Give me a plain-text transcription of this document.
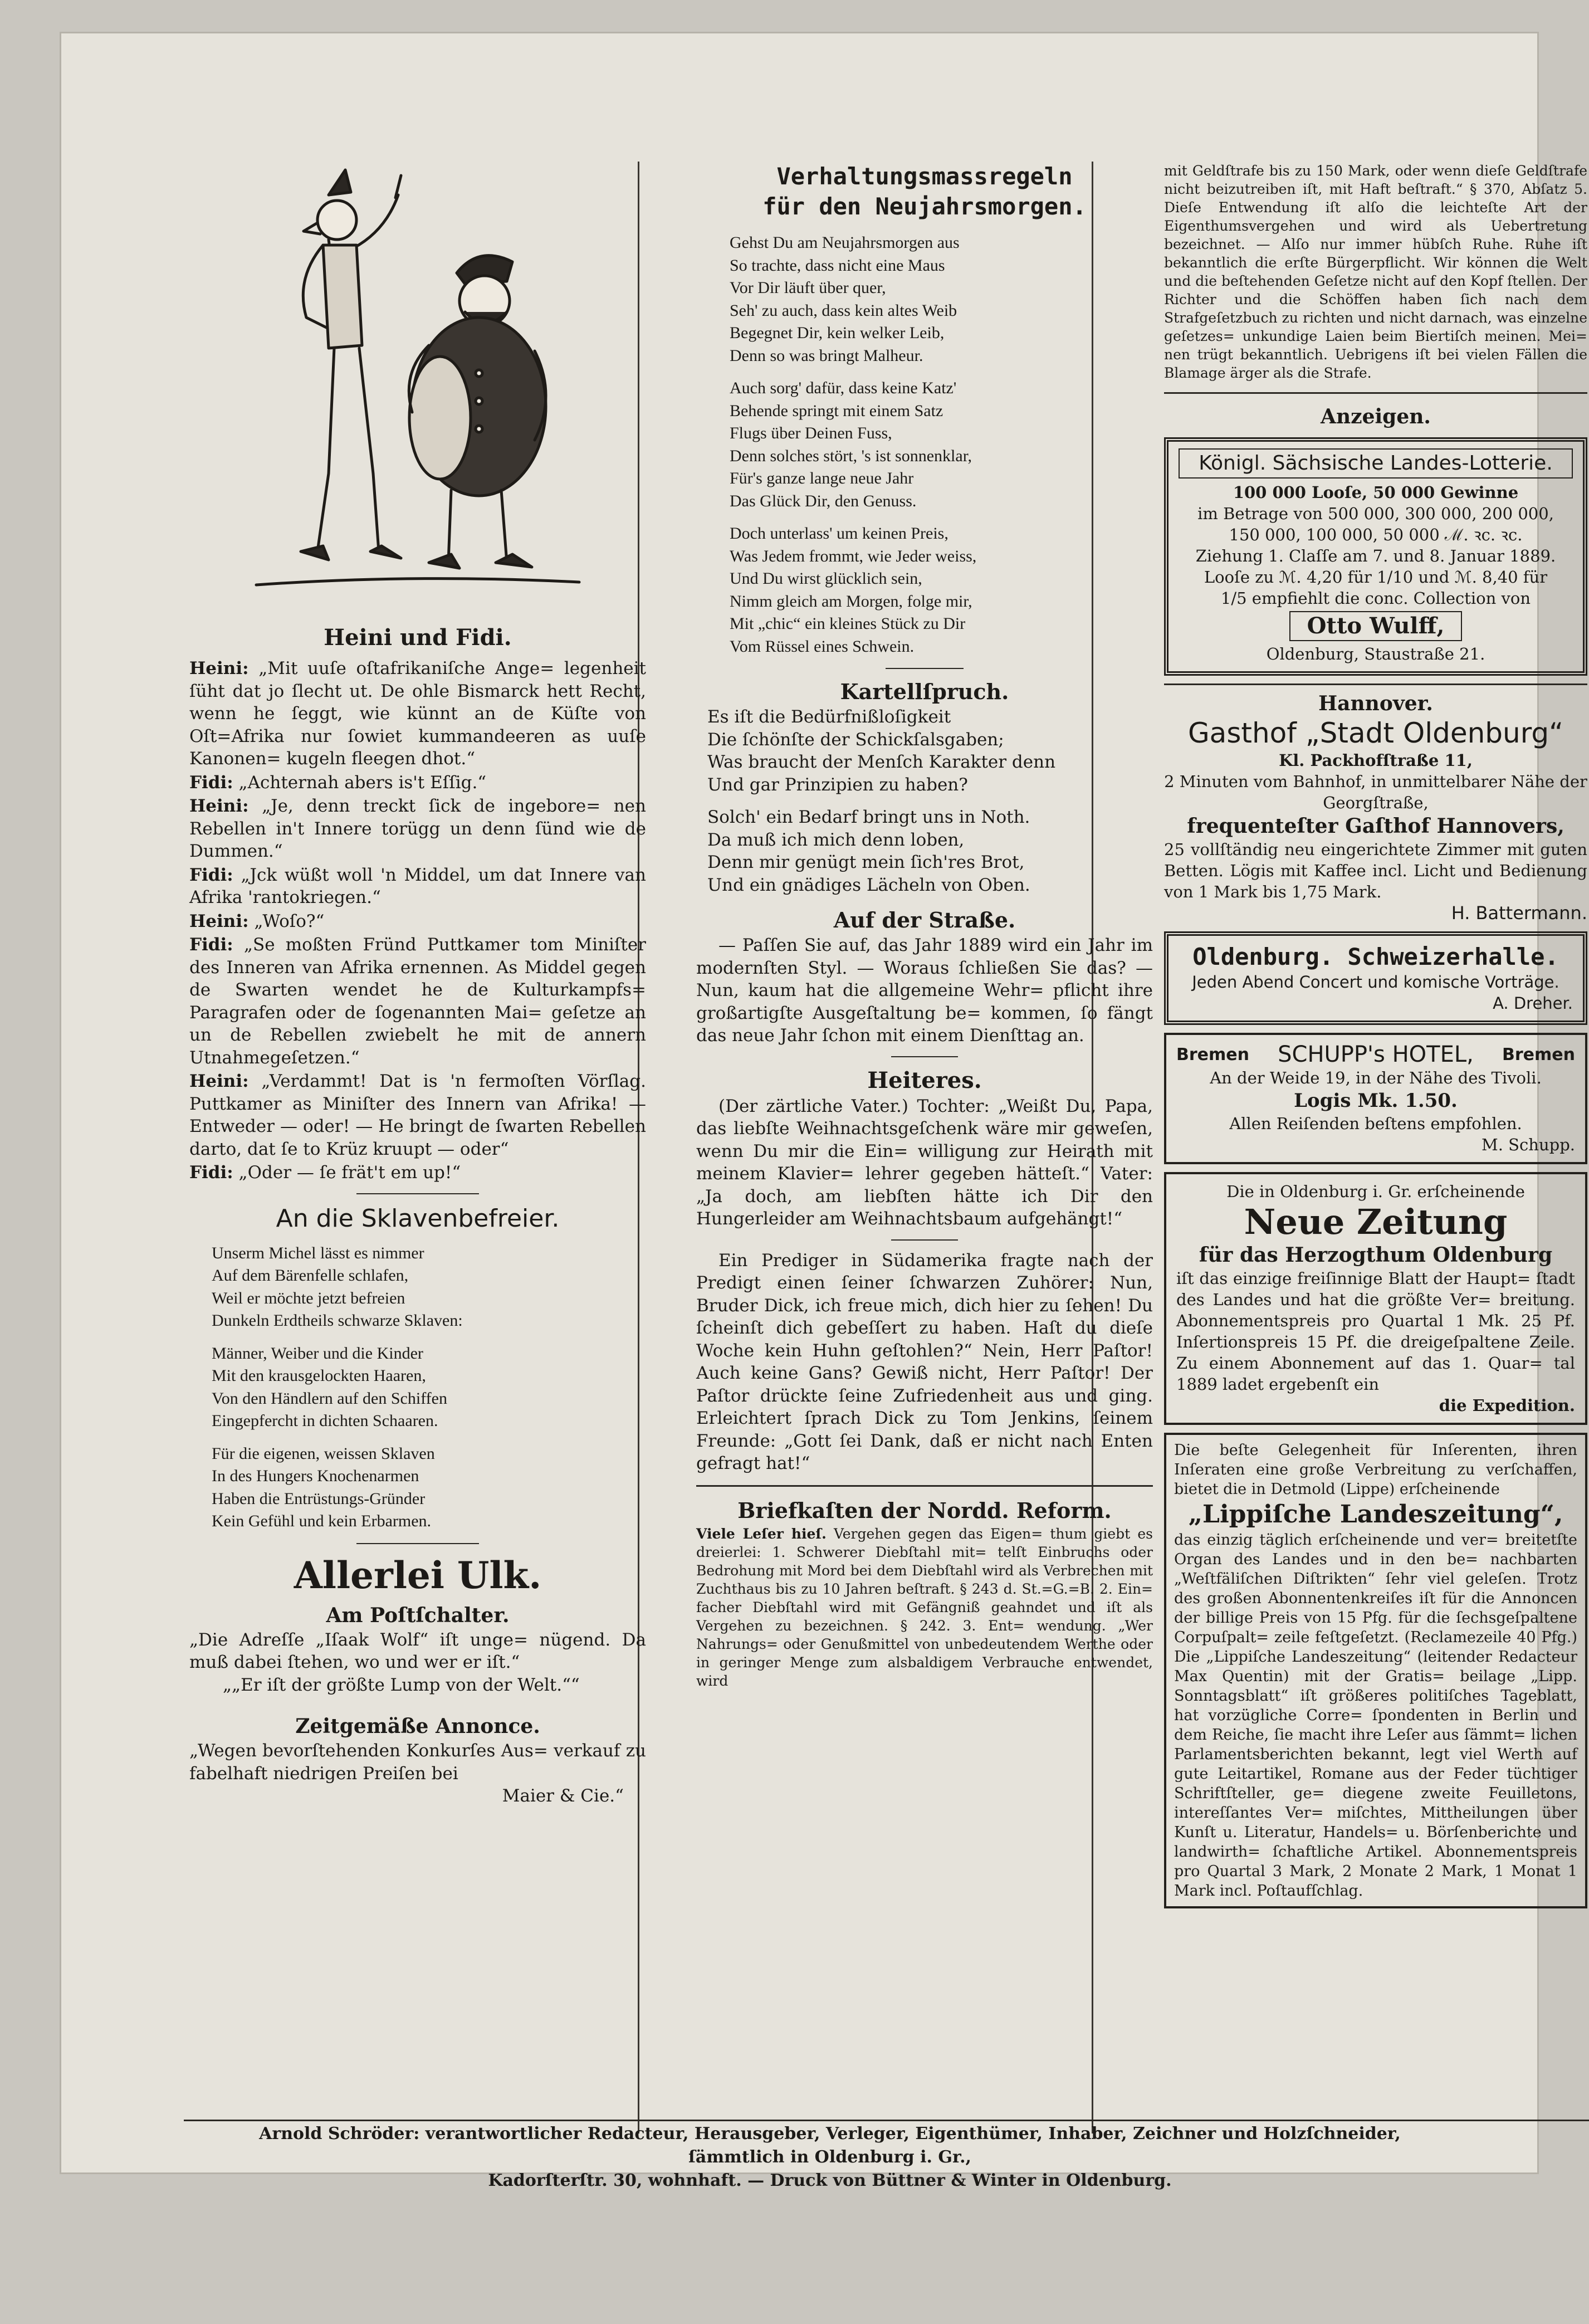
Heini und Fidi.

Heini: „Mit uuſe oſtafrikaniſche Ange= legenheit ſüht dat jo ſlecht ut. De ohle Bismarck hett Recht, wenn he ſeggt, wie künnt an de Küſte von Oſt=Afrika nur ſowiet kummandeeren as uuſe Kanonen= kugeln fleegen dhot.“

Fidi: „Achternah abers is't Eſſig.“

Heini: „Je, denn treckt ſick de ingebore= nen Rebellen in't Innere torügg un denn ſünd wie de Dummen.“

Fidi: „Jck wüßt woll 'n Middel, um dat Innere van Afrika 'rantokriegen.“

Heini: „Woſo?“

Fidi: „Se moßten Fründ Puttkamer tom Miniſter des Inneren van Afrika ernennen. As Middel gegen de Swarten wendet he de Kulturkampfs= Paragrafen oder de ſogenannten Mai= geſetze an un de Rebellen zwiebelt he mit de annern Utnahmegeſetzen.“

Heini: „Verdammt! Dat is 'n fermoſten Vörſlag. Puttkamer as Miniſter des Innern van Afrika! — Entweder — oder! — He bringt de ſwarten Rebellen darto, dat ſe to Krüz kruupt — oder“

Fidi: „Oder — ſe frät't em up!“

An die Sklavenbefreier.
Unserm Michel lässt es nimmer
Auf dem Bärenfelle schlafen,
Weil er möchte jetzt befreien
Dunkeln Erdtheils schwarze Sklaven:
Männer, Weiber und die Kinder
Mit den krausgelockten Haaren,
Von den Händlern auf den Schiffen
Eingepfercht in dichten Schaaren.
Für die eigenen, weissen Sklaven
In des Hungers Knochenarmen
Haben die Entrüstungs-Gründer
Kein Gefühl und kein Erbarmen.
Allerlei Ulk.
Am Poſtſchalter.

„Die Adreſſe „Iſaak Wolf“ iſt unge= nügend. Da muß dabei ſtehen, wo und wer er iſt.“

„„Er iſt der größte Lump von der Welt.““

Zeitgemäße Annonce.

„Wegen bevorſtehenden Konkurſes Aus= verkauf zu fabelhaft niedrigen Preiſen bei

Maier & Cie.“

Verhaltungsmassregeln
für den Neujahrsmorgen.
Gehst Du am Neujahrsmorgen aus
So trachte, dass nicht eine Maus
Vor Dir läuft über quer,
Seh' zu auch, dass kein altes Weib
Begegnet Dir, kein welker Leib,
Denn so was bringt Malheur.
Auch sorg' dafür, dass keine Katz'
Behende springt mit einem Satz
Flugs über Deinen Fuss,
Denn solches stört, 's ist sonnenklar,
Für's ganze lange neue Jahr
Das Glück Dir, den Genuss.
Doch unterlass' um keinen Preis,
Was Jedem frommt, wie Jeder weiss,
Und Du wirst glücklich sein,
Nimm gleich am Morgen, folge mir,
Mit „chic“ ein kleines Stück zu Dir
Vom Rüssel eines Schwein.
Kartellſpruch.
Es iſt die Bedürfnißloſigkeit
Die ſchönſte der Schickſalsgaben;
Was braucht der Menſch Karakter denn
Und gar Prinzipien zu haben?
Solch' ein Bedarf bringt uns in Noth.
Da muß ich mich denn loben,
Denn mir genügt mein ſich'res Brot,
Und ein gnädiges Lächeln von Oben.
Auf der Straße.

— Paſſen Sie auf, das Jahr 1889 wird ein Jahr im modernſten Styl. — Woraus ſchließen Sie das? — Nun, kaum hat die allgemeine Wehr= pflicht ihre großartigſte Ausgeſtaltung be= kommen, ſo fängt das neue Jahr ſchon mit einem Dienſttag an.

Heiteres.

(Der zärtliche Vater.) Tochter: „Weißt Du, Papa, das liebſte Weihnachtsgeſchenk wäre mir geweſen, wenn Du mir die Ein= willigung zur Heirath mit meinem Klavier= lehrer gegeben hätteſt.“ Vater: „Ja doch, am liebſten hätte ich Dir den Hungerleider am Weihnachtsbaum aufgehängt!“

Ein Prediger in Südamerika fragte nach der Predigt einen ſeiner ſchwarzen Zuhörer: Nun, Bruder Dick, ich freue mich, dich hier zu ſehen! Du ſcheinſt dich gebeſſert zu haben. Haſt du dieſe Woche kein Huhn geſtohlen?“ Nein, Herr Paſtor! Auch keine Gans? Gewiß nicht, Herr Paſtor! Der Paſtor drückte ſeine Zufriedenheit aus und ging. Erleichtert ſprach Dick zu Tom Jenkins, ſeinem Freunde: „Gott ſei Dank, daß er nicht nach Enten gefragt hat!“

Briefkaſten der Nordd. Reform.

Viele Leſer hieſ. Vergehen gegen das Eigen= thum giebt es dreierlei: 1. Schwerer Diebſtahl mit= telſt Einbruchs oder Bedrohung mit Mord bei dem Diebſtahl wird als Verbrechen mit Zuchthaus bis zu 10 Jahren beſtraft. § 243 d. St.=G.=B. 2. Ein= facher Diebſtahl wird mit Gefängniß geahndet und iſt als Vergehen zu bezeichnen. § 242. 3. Ent= wendung. „Wer Nahrungs= oder Genußmittel von unbedeutendem Werthe oder in geringer Menge zum alsbaldigem Verbrauche entwendet, wird

mit Geldſtrafe bis zu 150 Mark, oder wenn dieſe Geldſtrafe nicht beizutreiben iſt, mit Haft beſtraft.“ § 370, Abſatz 5. Dieſe Entwendung iſt alſo die leichteſte Art der Eigenthumsvergehen und wird als Uebertretung bezeichnet. — Alſo nur immer hübſch Ruhe. Ruhe iſt bekanntlich die erſte Bürgerpflicht. Wir können die Welt und die beſtehenden Geſetze nicht auf den Kopf ſtellen. Der Richter und die Schöffen haben ſich nach dem Strafgeſetzbuch zu richten und nicht darnach, was einzelne geſetzes= unkundige Laien beim Biertiſch meinen. Mei= nen trügt bekanntlich. Uebrigens iſt bei vielen Fällen die Blamage ärger als die Strafe.

Anzeigen.
Königl. Sächsische Landes-Lotterie.
100 000 Looſe, 50 000 Gewinne
im Betrage von 500 000, 300 000, 200 000,
150 000, 100 000, 50 000 ℳ. ꝛc. ꝛc.
Ziehung 1. Claſſe am 7. und 8. Januar 1889.
Looſe zu ℳ. 4,20 für 1/10 und ℳ. 8,40 für
1/5 empfiehlt die conc. Collection von
Otto Wulff,
Oldenburg, Staustraße 21.
Hannover.
Gasthof „Stadt Oldenburg“
Kl. Packhofſtraße 11,
2 Minuten vom Bahnhof, in unmittelbarer Nähe der Georgſtraße,
frequenteſter Gaſthof Hannovers,
25 vollſtändig neu eingerichtete Zimmer mit guten Betten. Lögis mit Kaffee incl. Licht und Bedienung von 1 Mark bis 1,75 Mark.
H. Battermann.
Oldenburg. Schweizerhalle.
Jeden Abend Concert und komische Vorträge.
A. Dreher.
Bremen SCHUPP's HOTEL, Bremen
An der Weide 19, in der Nähe des Tivoli.
Logis Mk. 1.50.
Allen Reiſenden beſtens empfohlen.
M. Schupp.
Die in Oldenburg i. Gr. erſcheinende
Neue Zeitung
für das Herzogthum Oldenburg
iſt das einzige freiſinnige Blatt der Haupt= ſtadt des Landes und hat die größte Ver= breitung. Abonnementspreis pro Quartal 1 Mk. 25 Pf. Inſertionspreis 15 Pf. die dreigeſpaltene Zeile. Zu einem Abonnement auf das 1. Quar= tal 1889 ladet ergebenſt ein
die Expedition.
Die beſte Gelegenheit für Inſerenten, ihren Inſeraten eine große Verbreitung zu verſchaffen, bietet die in Detmold (Lippe) erſcheinende
„Lippiſche Landeszeitung“,
das einzig täglich erſcheinende und ver= breitetſte Organ des Landes und in den be= nachbarten „Weſtfäliſchen Diſtrikten“ ſehr viel geleſen. Trotz des großen Abonnentenkreiſes iſt für die Annoncen der billige Preis von 15 Pfg. für die ſechsgeſpaltene Corpuſpalt= zeile feſtgeſetzt. (Reclamezeile 40 Pfg.) Die „Lippiſche Landeszeitung“ (leitender Redacteur Max Quentin) mit der Gratis= beilage „Lipp. Sonntagsblatt“ iſt größeres politiſches Tageblatt, hat vorzügliche Corre= ſpondenten in Berlin und dem Reiche, ſie macht ihre Leſer aus ſämmt= lichen Parlamentsberichten bekannt, legt viel Werth auf gute Leitartikel, Romane aus der Feder tüchtiger Schriftſteller, ge= diegene zweite Feuilletons, intereſſantes Ver= miſchtes, Mittheilungen über Kunſt u. Literatur, Handels= u. Börſenberichte und landwirth= ſchaftliche Artikel. Abonnementspreis pro Quartal 3 Mark, 2 Monate 2 Mark, 1 Monat 1 Mark incl. Poſtaufſchlag.
Arnold Schröder: verantwortlicher Redacteur, Herausgeber, Verleger, Eigenthümer, Inhaber, Zeichner und Holzſchneider, ſämmtlich in Oldenburg i. Gr.,
Kadorſterſtr. 30, wohnhaft. — Druck von Büttner & Winter in Oldenburg.
